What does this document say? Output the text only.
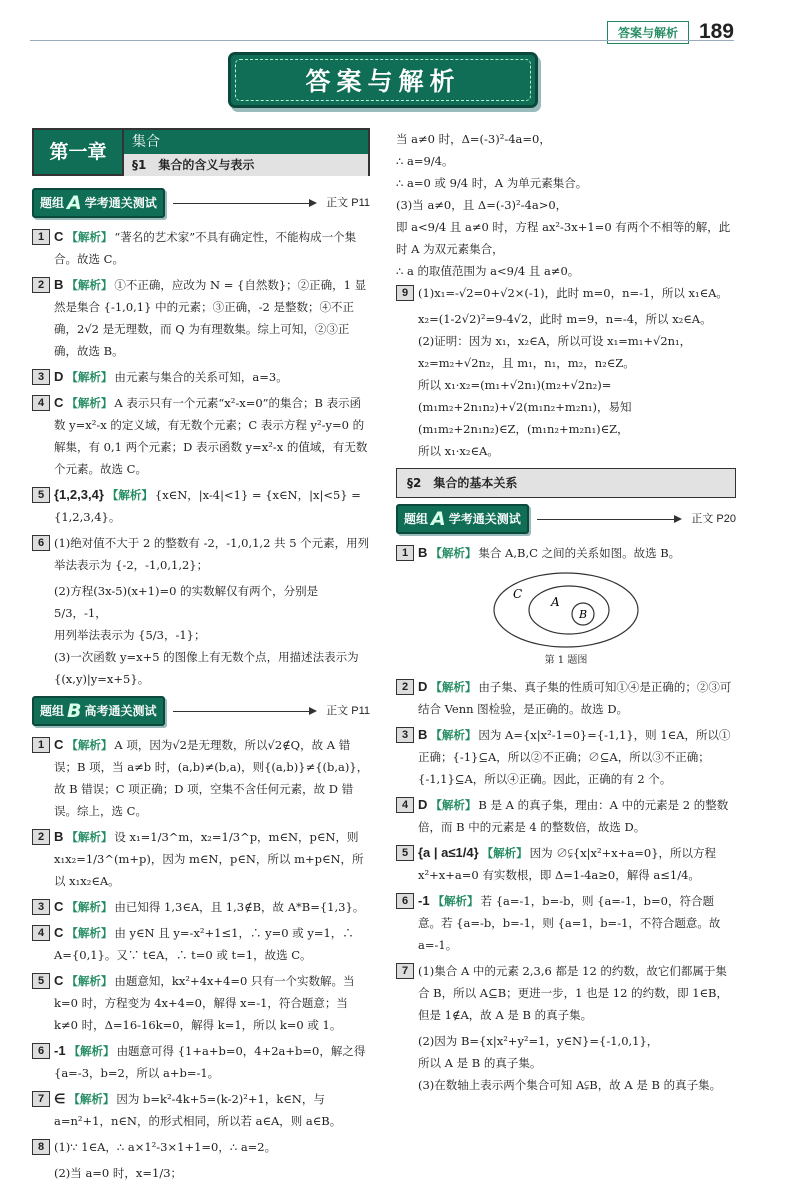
答案与解析	189
答案与解析
第一章	集合
§1　集合的含义与表示
题组 A 学考通关测试	正文 P11
1 C 【解析】 “著名的艺术家”不具有确定性，不能构成一个集合。故选 C。

2 B 【解析】 ①不正确，应改为 N = {自然数}；②正确，1 显然是集合 {-1,0,1} 中的元素；③正确，-2 是整数；④不正确，2√2 是无理数，而 Q 为有理数集。综上可知，②③正确，故选 B。

3 D 【解析】 由元素与集合的关系可知，a=3。

4 C 【解析】 A 表示只有一个元素“x²-x=0”的集合；B 表示函数 y=x²-x 的定义域，有无数个元素；C 表示方程 y²-y=0 的解集，有 0,1 两个元素；D 表示函数 y=x²-x 的值域，有无数个元素。故选 C。

5 {1,2,3,4} 【解析】 {x∈N，|x-4|<1} = {x∈N，|x|<5} = {1,2,3,4}。

6 (1)绝对值不大于 2 的整数有 -2，-1,0,1,2 共 5 个元素，用列举法表示为 {-2，-1,0,1,2}；

(2)方程(3x-5)(x+1)=0 的实数解仅有两个，分别是 5/3，-1，

用列举法表示为 {5/3，-1}；

(3)一次函数 y=x+5 的图像上有无数个点，用描述法表示为 {(x,y)|y=x+5}。

题组 B 高考通关测试	正文 P11
1 C 【解析】 A 项，因为√2是无理数，所以√2∉Q，故 A 错误；B 项，当 a≠b 时，(a,b)≠(b,a)，则{(a,b)}≠{(b,a)}，故 B 错误；C 项正确；D 项，空集不含任何元素，故 D 错误。综上，选 C。

2 B 【解析】 设 x₁=1/3^m，x₂=1/3^p，m∈N，p∈N，则 x₁x₂=1/3^(m+p)，因为 m∈N，p∈N，所以 m+p∈N，所以 x₁x₂∈A。

3 C 【解析】 由已知得 1,3∈A，且 1,3∉B，故 A*B={1,3}。

4 C 【解析】 由 y∈N 且 y=-x²+1≤1，∴ y=0 或 y=1，∴ A={0,1}。又∵ t∈A，∴ t=0 或 t=1，故选 C。

5 C 【解析】 由题意知，kx²+4x+4=0 只有一个实数解。当 k=0 时，方程变为 4x+4=0，解得 x=-1，符合题意；当 k≠0 时，Δ=16-16k=0，解得 k=1，所以 k=0 或 1。

6 -1 【解析】 由题意可得 {1+a+b=0，4+2a+b=0，解之得 {a=-3，b=2，所以 a+b=-1。

7 ∈ 【解析】 因为 b=k²-4k+5=(k-2)²+1，k∈N，与 a=n²+1，n∈N，的形式相同，所以若 a∈A，则 a∈B。

8 (1)∵ 1∈A，∴ a×1²-3×1+1=0，∴ a=2。

(2)当 a=0 时，x=1/3；

当 a≠0 时，Δ=(-3)²-4a=0，

∴ a=9/4。

∴ a=0 或 9/4 时，A 为单元素集合。

(3)当 a≠0，且 Δ=(-3)²-4a>0，

即 a<9/4 且 a≠0 时，方程 ax²-3x+1=0 有两个不相等的解，此时 A 为双元素集合，

∴ a 的取值范围为 a<9/4 且 a≠0。

9 (1)x₁=-√2=0+√2×(-1)，此时 m=0，n=-1，所以 x₁∈A。

x₂=(1-2√2)²=9-4√2，此时 m=9，n=-4，所以 x₂∈A。

(2)证明：因为 x₁，x₂∈A，所以可设 x₁=m₁+√2n₁，x₂=m₂+√2n₂，且 m₁，n₁，m₂，n₂∈Z。

所以 x₁·x₂=(m₁+√2n₁)(m₂+√2n₂)=(m₁m₂+2n₁n₂)+√2(m₁n₂+m₂n₁)，易知(m₁m₂+2n₁n₂)∈Z，(m₁n₂+m₂n₁)∈Z，

所以 x₁·x₂∈A。

§2　集合的基本关系
题组 A 学考通关测试	正文 P20
1 B 【解析】 集合 A,B,C 之间的关系如图。故选 B。

C
A
B
第 1 题图
2 D 【解析】 由子集、真子集的性质可知①④是正确的；②③可结合 Venn 图检验，是正确的。故选 D。

3 B 【解析】 因为 A={x|x²-1=0}={-1,1}，则 1∈A，所以①正确；{-1}⊆A，所以②不正确；∅⊆A，所以③不正确；{-1,1}⊆A，所以④正确。因此，正确的有 2 个。

4 D 【解析】 B 是 A 的真子集，理由：A 中的元素是 2 的整数倍，而 B 中的元素是 4 的整数倍，故选 D。

5 {a | a≤1/4} 【解析】 因为 ∅⫋{x|x²+x+a=0}，所以方程 x²+x+a=0 有实数根，即 Δ=1-4a≥0，解得 a≤1/4。

6 -1 【解析】 若 {a=-1，b=-b，则 {a=-1，b=0，符合题意。若 {a=-b，b=-1，则 {a=1，b=-1，不符合题意。故 a=-1。

7 (1)集合 A 中的元素 2,3,6 都是 12 的约数，故它们都属于集合 B，所以 A⊆B；更进一步，1 也是 12 的约数，即 1∈B，但是 1∉A，故 A 是 B 的真子集。

(2)因为 B={x|x²+y²=1，y∈N}={-1,0,1}，

所以 A 是 B 的真子集。

(3)在数轴上表示两个集合可知 A⫋B，故 A 是 B 的真子集。
